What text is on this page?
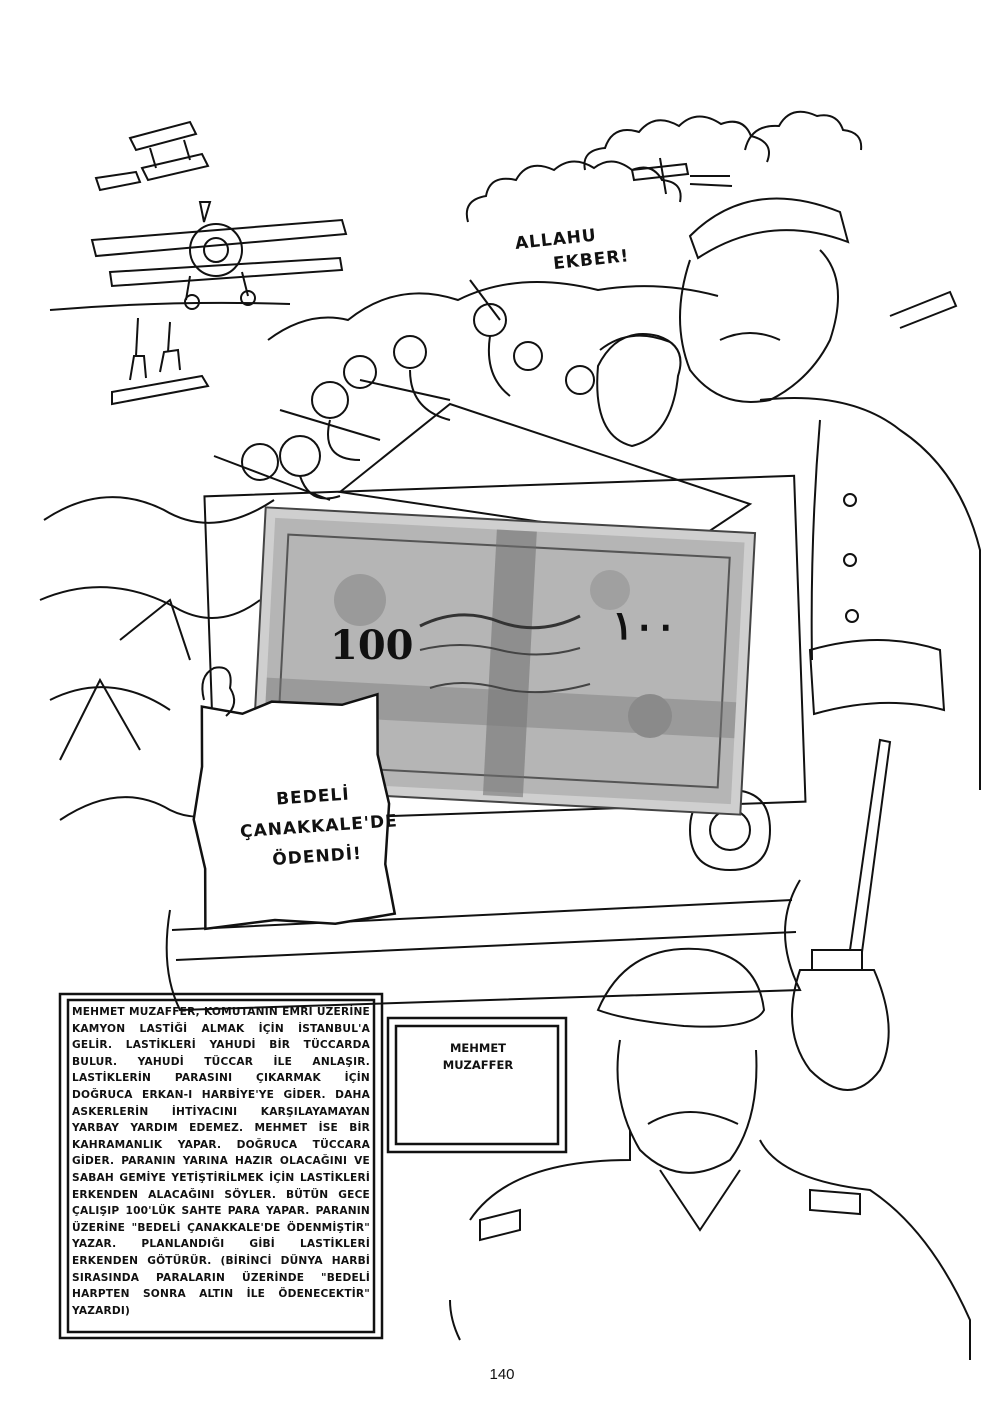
ALLAHU
EKBER!
100	١٠٠
BEDELİ
ÇANAKKALE'DE
ÖDENDİ!
MEHMET MUZAFFER, KOMUTANIN EMRİ ÜZERİNE KAMYON LASTİĞİ ALMAK İÇİN İSTANBUL'A GELİR. LASTİKLERİ YAHUDİ BİR TÜCCARDA BULUR. YAHUDİ TÜCCAR İLE ANLAŞIR. LASTİKLERİN PARASINI ÇIKARMAK İÇİN DOĞRUCA ERKAN-I HARBİYE'YE GİDER. DAHA ASKERLERİN İHTİYACINI KARŞILAYAMAYAN YARBAY YARDIM EDEMEZ. MEHMET İSE BİR KAHRAMANLIK YAPAR. DOĞRUCA TÜCCARA GİDER. PARANIN YARINA HAZIR OLACAĞINI VE SABAH GEMİYE YETİŞTİRİLMEK İÇİN LASTİKLERİ ERKENDEN ALACAĞINI SÖYLER. BÜTÜN GECE ÇALIŞIP 100'LÜK SAHTE PARA YAPAR. PARANIN ÜZERİNE "BEDELİ ÇANAKKALE'DE ÖDENMİŞTİR" YAZAR. PLANLANDIĞI GİBİ LASTİKLERİ ERKENDEN GÖTÜRÜR. (BİRİNCİ DÜNYA HARBİ SIRASINDA PARALARIN ÜZERİNDE "BEDELİ HARPTEN SONRA ALTIN İLE ÖDENECEKTİR" YAZARDI)
MEHMET
MUZAFFER
140
